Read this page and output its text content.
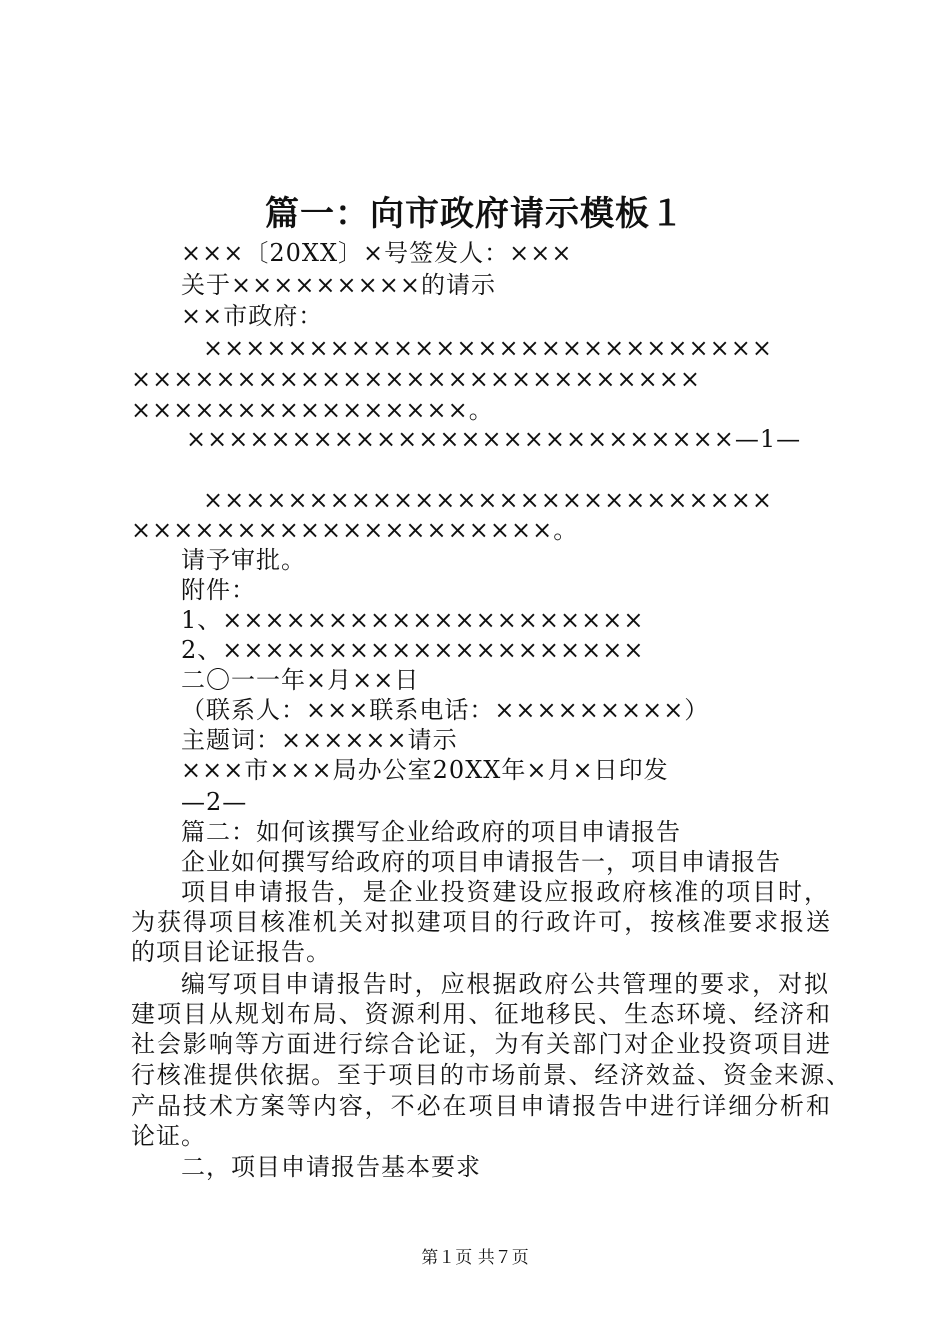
篇一：向市政府请示模板１
×××〔20XX〕×号签发人：×××
关于×××××××××的请示
××市政府：
×××××××××××××××××××××××××××
×××××××××××××××××××××××××××
××××××××××××××××。
××××××××××××××××××××××××××—1—
×××××××××××××××××××××××××××
××××××××××××××××××××。
请予审批。
附件：
1、××××××××××××××××××××
2、××××××××××××××××××××
二〇一一年×月××日
（联系人：×××联系电话：×××××××××）
主题词：××××××请示
×××市×××局办公室20XX年×月×日印发
—2—
篇二：如何该撰写企业给政府的项目申请报告
企业如何撰写给政府的项目申请报告一，项目申请报告
项目申请报告，是企业投资建设应报政府核准的项目时，
为获得项目核准机关对拟建项目的行政许可，按核准要求报送
的项目论证报告。
编写项目申请报告时，应根据政府公共管理的要求，对拟
建项目从规划布局、资源利用、征地移民、生态环境、经济和
社会影响等方面进行综合论证，为有关部门对企业投资项目进
行核准提供依据。至于项目的市场前景、经济效益、资金来源、
产品技术方案等内容，不必在项目申请报告中进行详细分析和
论证。
二，项目申请报告基本要求
第１页 共７页
